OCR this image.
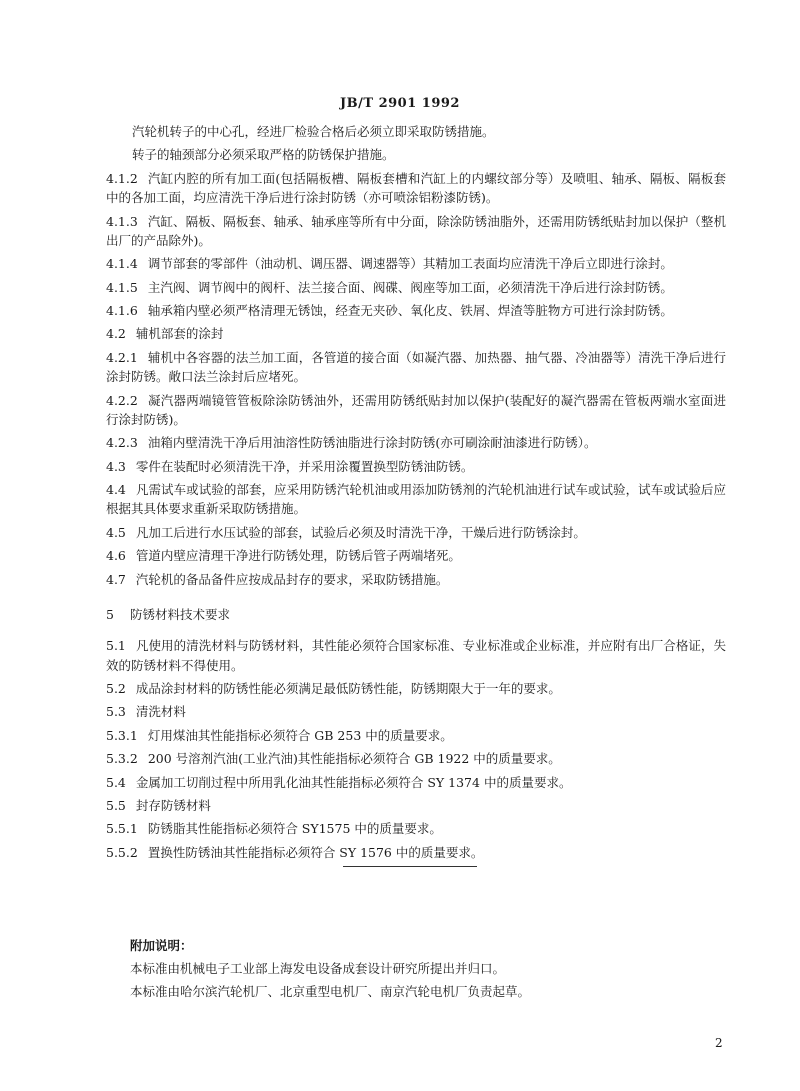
JB/T 2901 1992
汽轮机转子的中心孔，经进厂检验合格后必须立即采取防锈措施。
转子的轴颈部分必须采取严格的防锈保护措施。
4.1.2 汽缸内腔的所有加工面(包括隔板槽、隔板套槽和汽缸上的内螺纹部分等）及喷咀、轴承、隔板、隔板套中的各加工面，均应清洗干净后进行涂封防锈（亦可喷涂铝粉漆防锈)。
4.1.3 汽缸、隔板、隔板套、轴承、轴承座等所有中分面，除涂防锈油脂外，还需用防锈纸贴封加以保护（整机出厂的产品除外)。
4.1.4 调节部套的零部件（油动机、调压器、调速器等）其精加工表面均应清洗干净后立即进行涂封。
4.1.5 主汽阀、调节阀中的阀杆、法兰接合面、阀碟、阀座等加工面，必须清洗干净后进行涂封防锈。
4.1.6 轴承箱内壁必须严格清理无锈蚀，经查无夹砂、氧化皮、铁屑、焊渣等脏物方可进行涂封防锈。
4.2 辅机部套的涂封
4.2.1 辅机中各容器的法兰加工面，各管道的接合面（如凝汽器、加热器、抽气器、冷油器等）清洗干净后进行涂封防锈。敞口法兰涂封后应堵死。
4.2.2 凝汽器两端镜管管板除涂防锈油外，还需用防锈纸贴封加以保护(装配好的凝汽器需在管板两端水室面进行涂封防锈)。
4.2.3 油箱内壁清洗干净后用油溶性防锈油脂进行涂封防锈(亦可刷涂耐油漆进行防锈）。
4.3 零件在装配时必须清洗干净，并采用涂覆置换型防锈油防锈。
4.4 凡需试车或试验的部套，应采用防锈汽轮机油或用添加防锈剂的汽轮机油进行试车或试验，试车或试验后应根据其具体要求重新采取防锈措施。
4.5 凡加工后进行水压试验的部套，试验后必须及时清洗干净，干燥后进行防锈涂封。
4.6 管道内壁应清理干净进行防锈处理，防锈后管子两端堵死。
4.7 汽轮机的备品备件应按成品封存的要求，采取防锈措施。
5 防锈材料技术要求
5.1 凡使用的清洗材料与防锈材料，其性能必须符合国家标准、专业标准或企业标准，并应附有出厂合格证，失效的防锈材料不得使用。
5.2 成品涂封材料的防锈性能必须满足最低防锈性能，防锈期限大于一年的要求。
5.3 清洗材料
5.3.1 灯用煤油其性能指标必须符合 GB 253 中的质量要求。
5.3.2 200 号溶剂汽油(工业汽油)其性能指标必须符合 GB 1922 中的质量要求。
5.4 金属加工切削过程中所用乳化油其性能指标必须符合 SY 1374 中的质量要求。
5.5 封存防锈材料
5.5.1 防锈脂其性能指标必须符合 SY1575 中的质量要求。
5.5.2 置换性防锈油其性能指标必须符合 SY 1576 中的质量要求。
附加说明：
本标准由机械电子工业部上海发电设备成套设计研究所提出并归口。
本标准由哈尔滨汽轮机厂、北京重型电机厂、南京汽轮电机厂负责起草。
2
